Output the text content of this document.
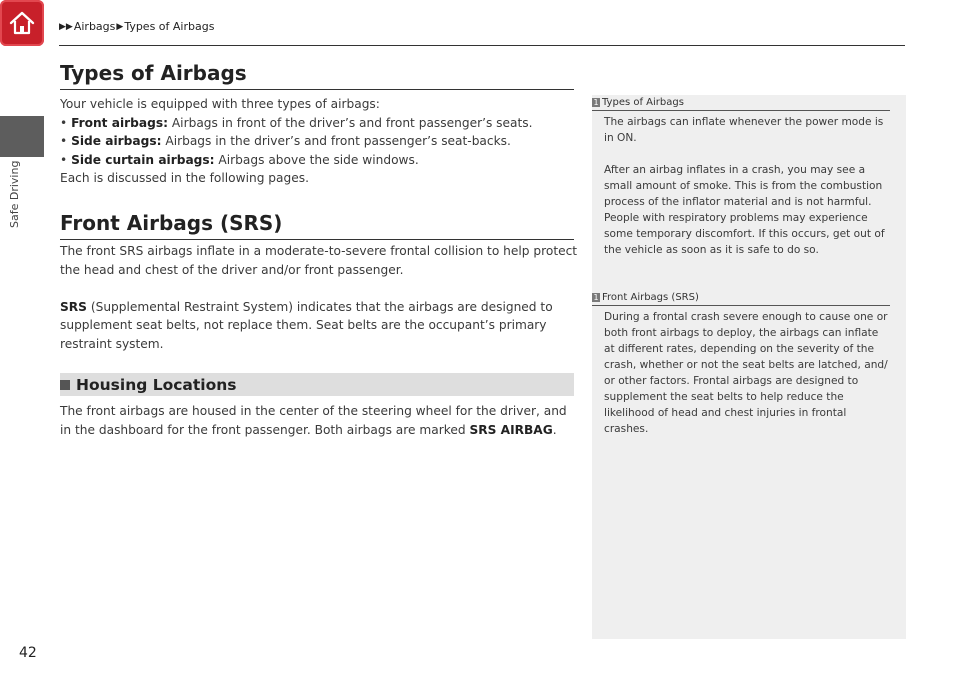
Safe Driving
▶▶ Airbags ▶ Types of Airbags
Types of Airbags
Your vehicle is equipped with three types of airbags:
• Front airbags: Airbags in front of the driver’s and front passenger’s seats.
• Side airbags: Airbags in the driver’s and front passenger’s seat-backs.
• Side curtain airbags: Airbags above the side windows.
Each is discussed in the following pages.
Front Airbags (SRS)
The front SRS airbags inflate in a moderate-to-severe frontal collision to help protect
the head and chest of the driver and/or front passenger.
SRS (Supplemental Restraint System) indicates that the airbags are designed to
supplement seat belts, not replace them. Seat belts are the occupant’s primary
restraint system.
Housing Locations
The front airbags are housed in the center of the steering wheel for the driver, and
in the dashboard for the front passenger. Both airbags are marked SRS AIRBAG.
1 Types of Airbags
The airbags can inflate whenever the power mode is
in ON.
After an airbag inflates in a crash, you may see a
small amount of smoke. This is from the combustion
process of the inflator material and is not harmful.
People with respiratory problems may experience
some temporary discomfort. If this occurs, get out of
the vehicle as soon as it is safe to do so.
1 Front Airbags (SRS)
During a frontal crash severe enough to cause one or
both front airbags to deploy, the airbags can inflate
at different rates, depending on the severity of the
crash, whether or not the seat belts are latched, and/
or other factors. Frontal airbags are designed to
supplement the seat belts to help reduce the
likelihood of head and chest injuries in frontal
crashes.
42
